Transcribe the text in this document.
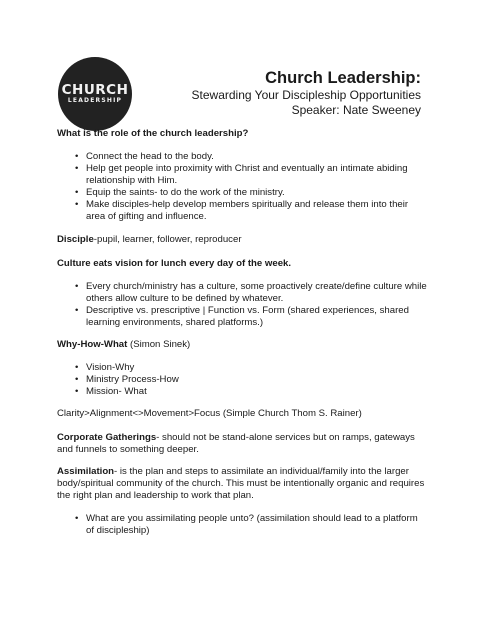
CHURCH
LEADERSHIP
Church Leadership:
Stewarding Your Discipleship Opportunities
Speaker: Nate Sweeney

What is the role of the church leadership?

• Connect the head to the body.
• Help get people into proximity with Christ and eventually an intimate abiding relationship with Him.
• Equip the saints- to do the work of the ministry.
• Make disciples-help develop members spiritually and release them into their area of gifting and influence.

Disciple-pupil, learner, follower, reproducer

Culture eats vision for lunch every day of the week.

• Every church/ministry has a culture, some proactively create/define culture while others allow culture to be defined by whatever.
• Descriptive vs. prescriptive | Function vs. Form (shared experiences, shared learning environments, shared platforms.)

Why-How-What (Simon Sinek)

• Vision-Why
• Ministry Process-How
• Mission- What

Clarity>Alignment<>Movement>Focus (Simple Church Thom S. Rainer)

Corporate Gatherings- should not be stand-alone services but on ramps, gateways and funnels to something deeper.

Assimilation- is the plan and steps to assimilate an individual/family into the larger body/spiritual community of the church. This must be intentionally organic and requires the right plan and leadership to work that plan.

• What are you assimilating people unto? (assimilation should lead to a platform of discipleship)
